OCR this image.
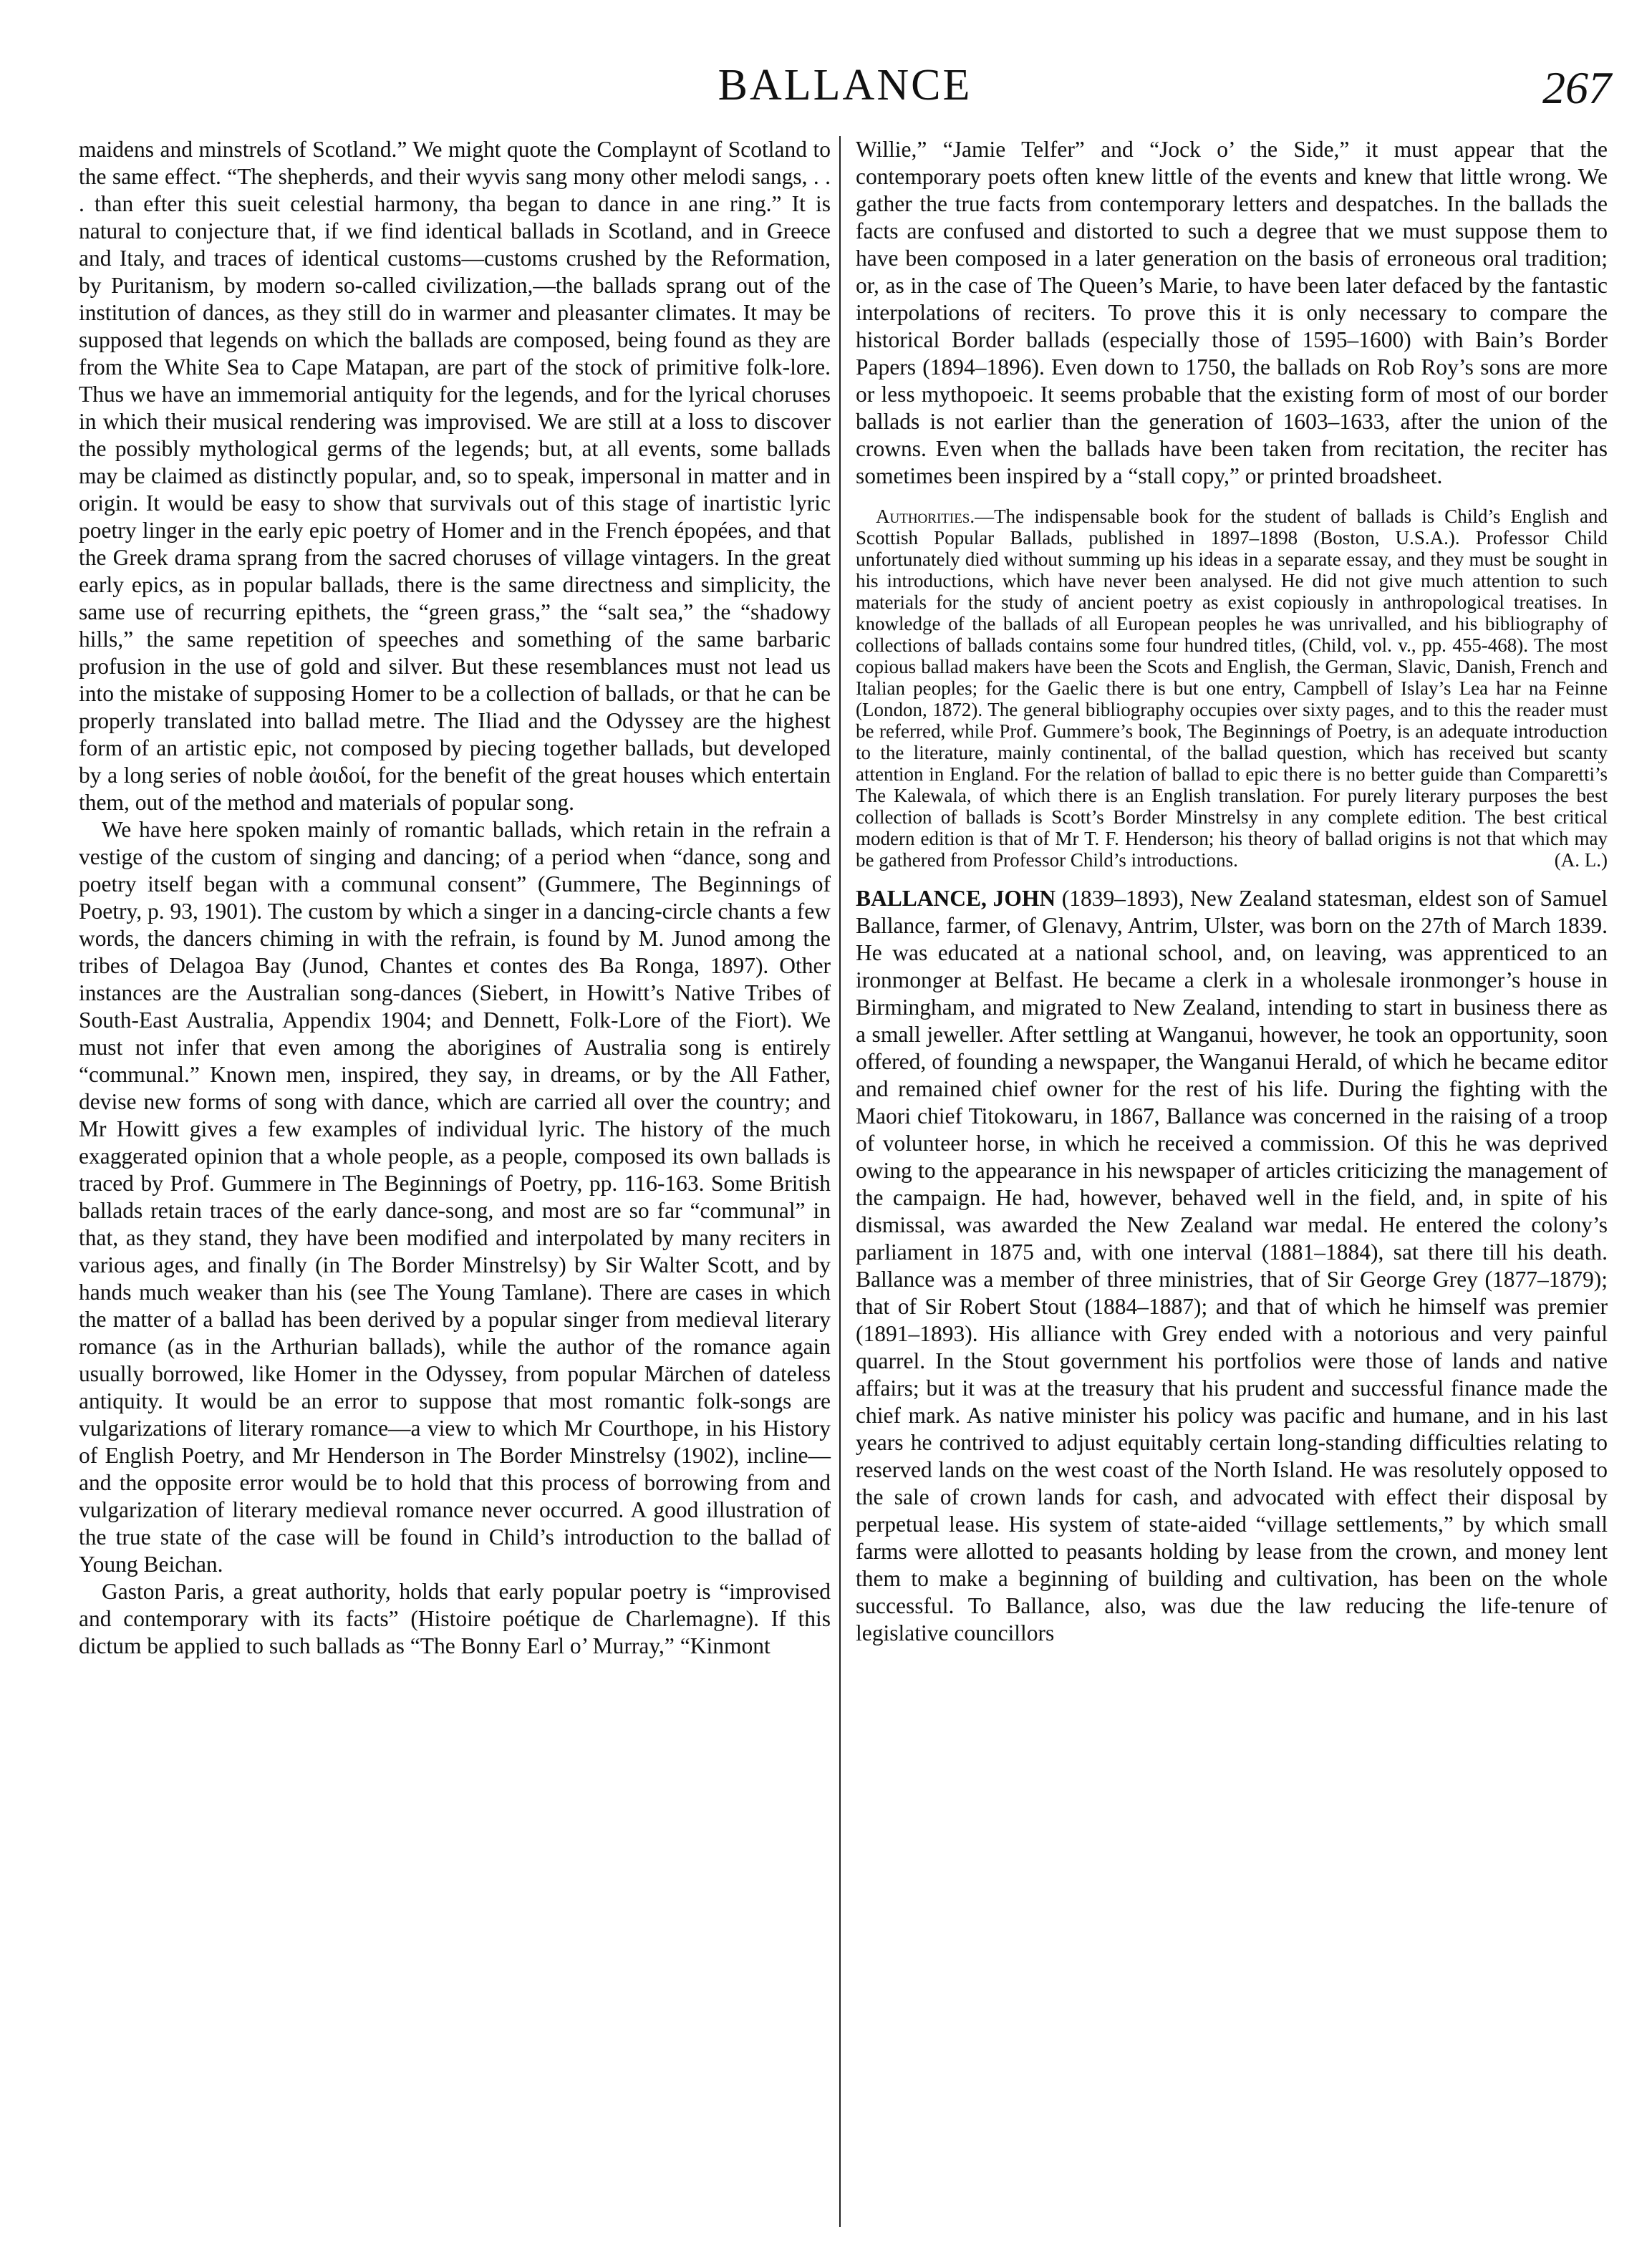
BALLANCE	267

maidens and minstrels of Scotland.” We might quote the Complaynt of Scotland to the same effect. “The shepherds, and their wyvis sang mony other melodi sangs, . . . than efter this sueit celestial harmony, tha began to dance in ane ring.” It is natural to conjecture that, if we find identical ballads in Scotland, and in Greece and Italy, and traces of identical customs—customs crushed by the Reformation, by Puritanism, by modern so-called civilization,—the ballads sprang out of the institution of dances, as they still do in warmer and pleasanter climates. It may be supposed that legends on which the ballads are composed, being found as they are from the White Sea to Cape Matapan, are part of the stock of primitive folk-lore. Thus we have an immemorial antiquity for the legends, and for the lyrical choruses in which their musical rendering was improvised. We are still at a loss to discover the possibly mythological germs of the legends; but, at all events, some ballads may be claimed as distinctly popular, and, so to speak, impersonal in matter and in origin. It would be easy to show that survivals out of this stage of inartistic lyric poetry linger in the early epic poetry of Homer and in the French épopées, and that the Greek drama sprang from the sacred choruses of village vintagers. In the great early epics, as in popular ballads, there is the same directness and simplicity, the same use of recurring epithets, the “green grass,” the “salt sea,” the “shadowy hills,” the same repetition of speeches and something of the same barbaric profusion in the use of gold and silver. But these resemblances must not lead us into the mistake of supposing Homer to be a collection of ballads, or that he can be properly translated into ballad metre. The Iliad and the Odyssey are the highest form of an artistic epic, not composed by piecing together ballads, but developed by a long series of noble ἀοιδοί, for the benefit of the great houses which entertain them, out of the method and materials of popular song.

We have here spoken mainly of romantic ballads, which retain in the refrain a vestige of the custom of singing and dancing; of a period when “dance, song and poetry itself began with a communal consent” (Gummere, The Beginnings of Poetry, p. 93, 1901). The custom by which a singer in a dancing-circle chants a few words, the dancers chiming in with the refrain, is found by M. Junod among the tribes of Delagoa Bay (Junod, Chantes et contes des Ba Ronga, 1897). Other instances are the Australian song-dances (Siebert, in Howitt’s Native Tribes of South-East Australia, Appendix 1904; and Dennett, Folk-Lore of the Fiort). We must not infer that even among the aborigines of Australia song is entirely “communal.” Known men, inspired, they say, in dreams, or by the All Father, devise new forms of song with dance, which are carried all over the country; and Mr Howitt gives a few examples of individual lyric. The history of the much exaggerated opinion that a whole people, as a people, composed its own ballads is traced by Prof. Gummere in The Beginnings of Poetry, pp. 116-163. Some British ballads retain traces of the early dance-song, and most are so far “communal” in that, as they stand, they have been modified and interpolated by many reciters in various ages, and finally (in The Border Minstrelsy) by Sir Walter Scott, and by hands much weaker than his (see The Young Tamlane). There are cases in which the matter of a ballad has been derived by a popular singer from medieval literary romance (as in the Arthurian ballads), while the author of the romance again usually borrowed, like Homer in the Odyssey, from popular Märchen of dateless antiquity. It would be an error to suppose that most romantic folk-songs are vulgarizations of literary romance—a view to which Mr Courthope, in his History of English Poetry, and Mr Henderson in The Border Minstrelsy (1902), incline—and the opposite error would be to hold that this process of borrowing from and vulgarization of literary medieval romance never occurred. A good illustration of the true state of the case will be found in Child’s introduction to the ballad of Young Beichan.

Gaston Paris, a great authority, holds that early popular poetry is “improvised and contemporary with its facts” (Histoire poétique de Charlemagne). If this dictum be applied to such ballads as “The Bonny Earl o’ Murray,” “Kinmont

Willie,” “Jamie Telfer” and “Jock o’ the Side,” it must appear that the contemporary poets often knew little of the events and knew that little wrong. We gather the true facts from contemporary letters and despatches. In the ballads the facts are confused and distorted to such a degree that we must suppose them to have been composed in a later generation on the basis of erroneous oral tradition; or, as in the case of The Queen’s Marie, to have been later defaced by the fantastic interpolations of reciters. To prove this it is only necessary to compare the historical Border ballads (especially those of 1595–1600) with Bain’s Border Papers (1894–1896). Even down to 1750, the ballads on Rob Roy’s sons are more or less mythopoeic. It seems probable that the existing form of most of our border ballads is not earlier than the generation of 1603–1633, after the union of the crowns. Even when the ballads have been taken from recitation, the reciter has sometimes been inspired by a “stall copy,” or printed broadsheet.

Authorities.—The indispensable book for the student of ballads is Child’s English and Scottish Popular Ballads, published in 1897–1898 (Boston, U.S.A.). Professor Child unfortunately died without summing up his ideas in a separate essay, and they must be sought in his introductions, which have never been analysed. He did not give much attention to such materials for the study of ancient poetry as exist copiously in anthropological treatises. In knowledge of the ballads of all European peoples he was unrivalled, and his bibliography of collections of ballads contains some four hundred titles, (Child, vol. v., pp. 455-468). The most copious ballad makers have been the Scots and English, the German, Slavic, Danish, French and Italian peoples; for the Gaelic there is but one entry, Campbell of Islay’s Lea har na Feinne (London, 1872). The general bibliography occupies over sixty pages, and to this the reader must be referred, while Prof. Gummere’s book, The Beginnings of Poetry, is an adequate introduction to the literature, mainly continental, of the ballad question, which has received but scanty attention in England. For the relation of ballad to epic there is no better guide than Comparetti’s The Kalewala, of which there is an English translation. For purely literary purposes the best collection of ballads is Scott’s Border Minstrelsy in any complete edition. The best critical modern edition is that of Mr T. F. Henderson; his theory of ballad origins is not that which may be gathered from Professor Child’s introductions.	(A. L.)

BALLANCE, JOHN (1839–1893), New Zealand statesman, eldest son of Samuel Ballance, farmer, of Glenavy, Antrim, Ulster, was born on the 27th of March 1839. He was educated at a national school, and, on leaving, was apprenticed to an ironmonger at Belfast. He became a clerk in a wholesale ironmonger’s house in Birmingham, and migrated to New Zealand, intending to start in business there as a small jeweller. After settling at Wanganui, however, he took an opportunity, soon offered, of founding a newspaper, the Wanganui Herald, of which he became editor and remained chief owner for the rest of his life. During the fighting with the Maori chief Titokowaru, in 1867, Ballance was concerned in the raising of a troop of volunteer horse, in which he received a commission. Of this he was deprived owing to the appearance in his newspaper of articles criticizing the management of the campaign. He had, however, behaved well in the field, and, in spite of his dismissal, was awarded the New Zealand war medal. He entered the colony’s parliament in 1875 and, with one interval (1881–1884), sat there till his death. Ballance was a member of three ministries, that of Sir George Grey (1877–1879); that of Sir Robert Stout (1884–1887); and that of which he himself was premier (1891–1893). His alliance with Grey ended with a notorious and very painful quarrel. In the Stout government his portfolios were those of lands and native affairs; but it was at the treasury that his prudent and successful finance made the chief mark. As native minister his policy was pacific and humane, and in his last years he contrived to adjust equitably certain long-standing difficulties relating to reserved lands on the west coast of the North Island. He was resolutely opposed to the sale of crown lands for cash, and advocated with effect their disposal by perpetual lease. His system of state-aided “village settlements,” by which small farms were allotted to peasants holding by lease from the crown, and money lent them to make a beginning of building and cultivation, has been on the whole successful. To Ballance, also, was due the law reducing the life-tenure of legislative councillors
